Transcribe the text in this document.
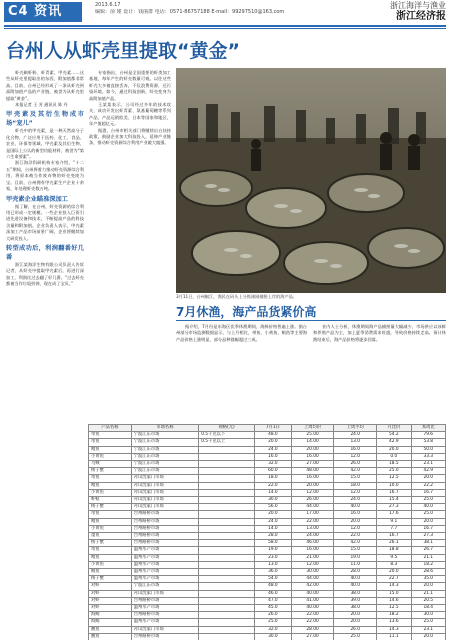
C4 资讯	2013.6.17
编辑：俞 瑾 设计：钱丽群 电话：0571-86757188 E-mail：99297510@163.com
浙江海洋与渔业
浙江经济报
台州人从虾壳里提取“黄金”

虾壳制虾粉、虾青素、甲壳素……这些从虾壳里提取出的东西，附加值都非常高。目前，台州已经形成了一条从虾壳到高附加值产品的产业链，被誉为从虾壳里提取“黄金”。

本报记者 王 芳 通讯员 陈 丹

甲壳素及其衍生物成市场“宠儿”

虾壳中的甲壳素，是一种天然高分子化合物，广泛应用于医药、化工、食品、农业、环保等领域。甲壳素及其衍生物，是国际上公认的新型功能材料，被誉为“第六生命要素”。

浙江海洋科研机构专家介绍，“十二五”期间，台州将着力推动虾壳资源综合利用，将原本被当作废弃物的虾壳变废为宝。目前，台州拥有甲壳素生产企业十余家，年处理虾壳数万吨。

甲壳素企业瞄准深加工

据了解，在台州，虾壳资源的综合利用已形成一定规模。一些企业投入巨资引进先进设备和技术，不断提高产品的科技含量和附加值。企业负责人表示，甲壳素深加工产品市场前景广阔，企业将继续加大研发投入。

转型成功后，利润翻番好几番

浙江某海洋生物有限公司负责人告诉记者，从虾壳中提取甲壳素后，再进行深加工，利润比过去翻了好几番。“过去虾壳都被当作垃圾扔掉，现在成了宝贝。”

专家指出，台州是全国重要的虾类加工基地，每年产生的虾壳数量可观。以往这些虾壳大多被直接丢弃，不仅浪费资源，还污染环境。如今，通过科技创新，虾壳变身为高附加值产品。

王某某表示，公司经过多年的技术攻关，成功开发出虾青素、氨基葡萄糖等系列产品，产品远销欧美、日本等国家和地区，年产值超亿元。

据悉，台州市相关部门将继续出台扶持政策，鼓励企业加大科技投入，延伸产业链条，推动虾壳资源综合利用产业做大做强。

3月11日，台州椒江，渔民在码头上分拣刚刚捕捞上岸的海产品。
7月休渔，海产品货紧价高

据介绍，7月份是东海区伏季休渔期间，海鲜价格普遍上涨。据台州部分市场监测数据显示，与上月相比，带鱼、小黄鱼、鲳鱼等主要海产品价格上涨明显，部分品种涨幅超过三成。

业内人士分析，休渔期间海产品捕捞量大幅减少，市场供应以冰鲜和养殖产品为主，加上夏季消费需求旺盛，导致价格持续走高。预计休渔结束后，海产品价格将逐步回落。

产品名称	市场名称	规格(元)	7月1日	上周均价	上周平均	月比价	本周比
带鱼	宁波江东市场	0.5千克以下	48.0	25.00	24.0	54.2	79.6
带鱼	宁波江东市场	0.5千克以上	20.0	14.00	13.0	42.9	53.8
鲳鱼	宁波江东市场		24.0	20.00	16.0	20.0	50.0
小黄鱼	宁波江东市场		16.0	16.00	12.0	0.0	33.3
乌贼	宁波江东市场		32.0	27.00	26.0	18.5	23.1
梭子蟹	宁波江东市场		60.0	48.00	42.0	25.0	42.9
带鱼	舟山沈家门市场		18.0	16.00	15.0	12.5	20.0
鲳鱼	舟山沈家门市场		22.0	20.00	18.0	10.0	22.2
小黄鱼	舟山沈家门市场		14.0	12.00	12.0	16.7	16.7
虾蛄	舟山沈家门市场		30.0	26.00	24.0	15.4	25.0
梭子蟹	舟山沈家门市场		56.0	44.00	40.0	27.3	40.0
带鱼	台州路桥市场		20.0	17.00	16.0	17.6	25.0
鲳鱼	台州路桥市场		24.0	22.00	20.0	9.1	20.0
小黄鱼	台州路桥市场		14.0	13.00	12.0	7.7	16.7
墨鱼	台州路桥市场		28.0	24.00	22.0	16.7	27.3
梭子蟹	台州路桥市场		58.0	46.00	42.0	26.1	38.1
带鱼	温州水产市场		19.0	16.00	15.0	18.8	26.7
鲳鱼	温州水产市场		23.0	21.00	19.0	9.5	21.1
小黄鱼	温州水产市场		13.0	12.00	11.0	8.3	18.2
鳗鱼	温州水产市场		36.0	30.00	28.0	20.0	28.6
梭子蟹	温州水产市场		54.0	44.00	40.0	22.7	35.0
对虾	宁波江东市场		48.0	42.00	40.0	14.3	20.0
对虾	舟山沈家门市场		46.0	40.00	38.0	15.0	21.1
对虾	台州路桥市场		47.0	41.00	39.0	14.6	20.5
对虾	温州水产市场		45.0	40.00	38.0	12.5	18.4
海鳗	台州路桥市场		26.0	22.00	20.0	18.2	30.0
海鳗	温州水产市场		25.0	22.00	20.0	13.6	25.0
鮸鱼	舟山沈家门市场		32.0	28.00	26.0	14.3	23.1
鮸鱼	台州路桥市场		30.0	27.00	25.0	11.1	20.0
